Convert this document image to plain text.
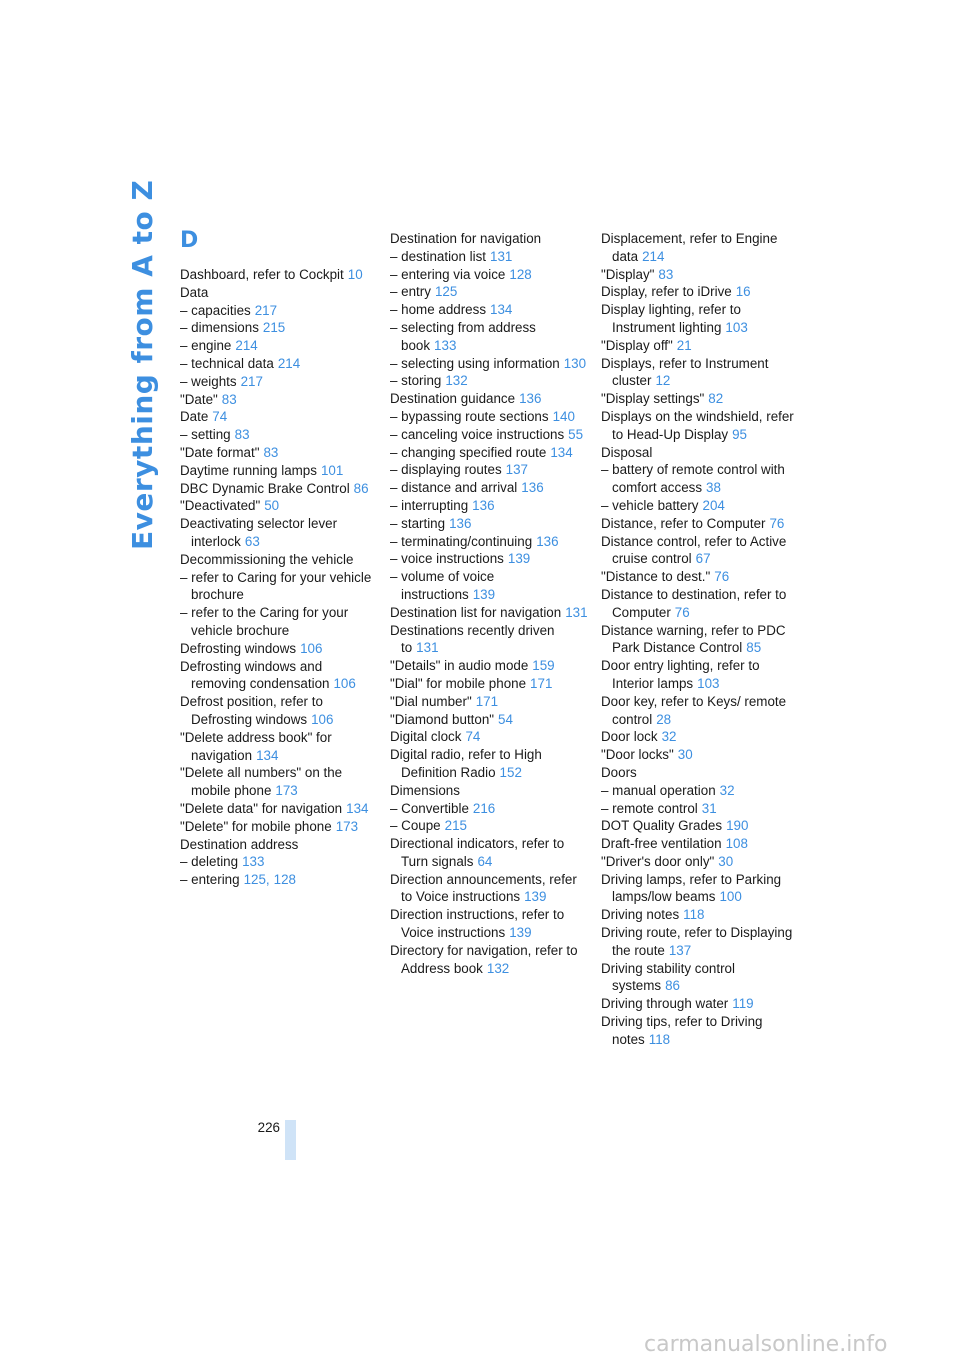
Everything from A to Z D
Dashboard, refer to Cockpit 10
Data
– capacities 217
– dimensions 215
– engine 214
– technical data 214
– weights 217
"Date" 83
Date 74
– setting 83
"Date format" 83
Daytime running lamps 101
DBC Dynamic Brake Control 86
"Deactivated" 50
Deactivating selector lever interlock 63
Decommissioning the vehicle
– refer to Caring for your vehicle brochure
– refer to the Caring for your vehicle brochure
Defrosting windows 106
Defrosting windows and removing condensation 106
Defrost position, refer to Defrosting windows 106
"Delete address book" for navigation 134
"Delete all numbers" on the mobile phone 173
"Delete data" for navigation 134
"Delete" for mobile phone 173
Destination address
– deleting 133
– entering 125, 128
Destination for navigation
– destination list 131
– entering via voice 128
– entry 125
– home address 134
– selecting from address book 133
– selecting using information 130
– storing 132
Destination guidance 136
– bypassing route sections 140
– canceling voice instructions 55
– changing specified route 134
– displaying routes 137
– distance and arrival 136
– interrupting 136
– starting 136
– terminating/continuing 136
– voice instructions 139
– volume of voice instructions 139
Destination list for navigation 131
Destinations recently driven to 131
"Details" in audio mode 159
"Dial" for mobile phone 171
"Dial number" 171
"Diamond button" 54
Digital clock 74
Digital radio, refer to High Definition Radio 152
Dimensions
– Convertible 216
– Coupe 215
Directional indicators, refer to Turn signals 64
Direction announcements, refer to Voice instructions 139
Direction instructions, refer to Voice instructions 139
Directory for navigation, refer to Address book 132
Displacement, refer to Engine data 214
"Display" 83
Display, refer to iDrive 16
Display lighting, refer to Instrument lighting 103
"Display off" 21
Displays, refer to Instrument cluster 12
"Display settings" 82
Displays on the windshield, refer to Head-Up Display 95
Disposal
– battery of remote control with comfort access 38
– vehicle battery 204
Distance, refer to Computer 76
Distance control, refer to Active cruise control 67
"Distance to dest." 76
Distance to destination, refer to Computer 76
Distance warning, refer to PDC Park Distance Control 85
Door entry lighting, refer to Interior lamps 103
Door key, refer to Keys/ remote control 28
Door lock 32
"Door locks" 30
Doors
– manual operation 32
– remote control 31
DOT Quality Grades 190
Draft-free ventilation 108
"Driver's door only" 30
Driving lamps, refer to Parking lamps/low beams 100
Driving notes 118
Driving route, refer to Displaying the route 137
Driving stability control systems 86
Driving through water 119
Driving tips, refer to Driving notes 118
226
carmanualsonline.info
